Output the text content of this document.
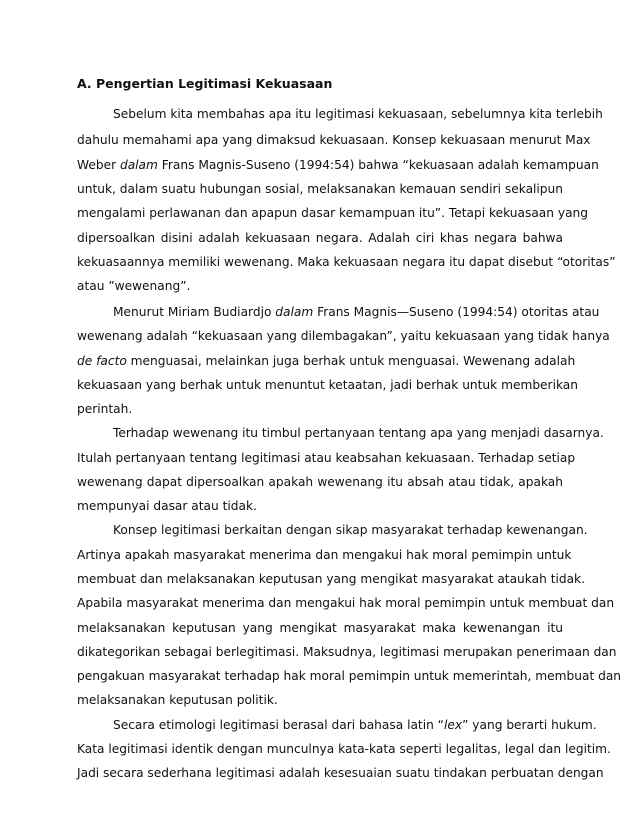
A. Pengertian Legitimasi Kekuasaan
Sebelum kita membahas apa itu legitimasi kekuasaan, sebelumnya kita terlebih
dahulu memahami apa yang dimaksud kekuasaan. Konsep kekuasaan menurut Max
Weber dalam Frans Magnis-Suseno (1994:54) bahwa “kekuasaan adalah kemampuan
untuk, dalam suatu hubungan sosial, melaksanakan kemauan sendiri sekalipun
mengalami perlawanan dan apapun dasar kemampuan itu”. Tetapi kekuasaan yang
dipersoalkan disini adalah kekuasaan negara. Adalah ciri khas negara bahwa
kekuasaannya memiliki wewenang. Maka kekuasaan negara itu dapat disebut “otoritas”
atau ”wewenang”.
Menurut Miriam Budiardjo dalam Frans Magnis—Suseno (1994:54) otoritas atau
wewenang adalah “kekuasaan yang dilembagakan”, yaitu kekuasaan yang tidak hanya
de facto menguasai, melainkan juga berhak untuk menguasai. Wewenang adalah
kekuasaan yang berhak untuk menuntut ketaatan, jadi berhak untuk memberikan
perintah.
Terhadap wewenang itu timbul pertanyaan tentang apa yang menjadi dasarnya.
Itulah pertanyaan tentang legitimasi atau keabsahan kekuasaan. Terhadap setiap
wewenang dapat dipersoalkan apakah wewenang itu absah atau tidak, apakah
mempunyai dasar atau tidak.
Konsep legitimasi berkaitan dengan sikap masyarakat terhadap kewenangan.
Artinya apakah masyarakat menerima dan mengakui hak moral pemimpin untuk
membuat dan melaksanakan keputusan yang mengikat masyarakat ataukah tidak.
Apabila masyarakat menerima dan mengakui hak moral pemimpin untuk membuat dan
melaksanakan keputusan yang mengikat masyarakat maka kewenangan itu
dikategorikan sebagai berlegitimasi. Maksudnya, legitimasi merupakan penerimaan dan
pengakuan masyarakat terhadap hak moral pemimpin untuk memerintah, membuat dan
melaksanakan keputusan politik.
Secara etimologi legitimasi berasal dari bahasa latin “lex” yang berarti hukum.
Kata legitimasi identik dengan munculnya kata-kata seperti legalitas, legal dan legitim.
Jadi secara sederhana legitimasi adalah kesesuaian suatu tindakan perbuatan dengan
